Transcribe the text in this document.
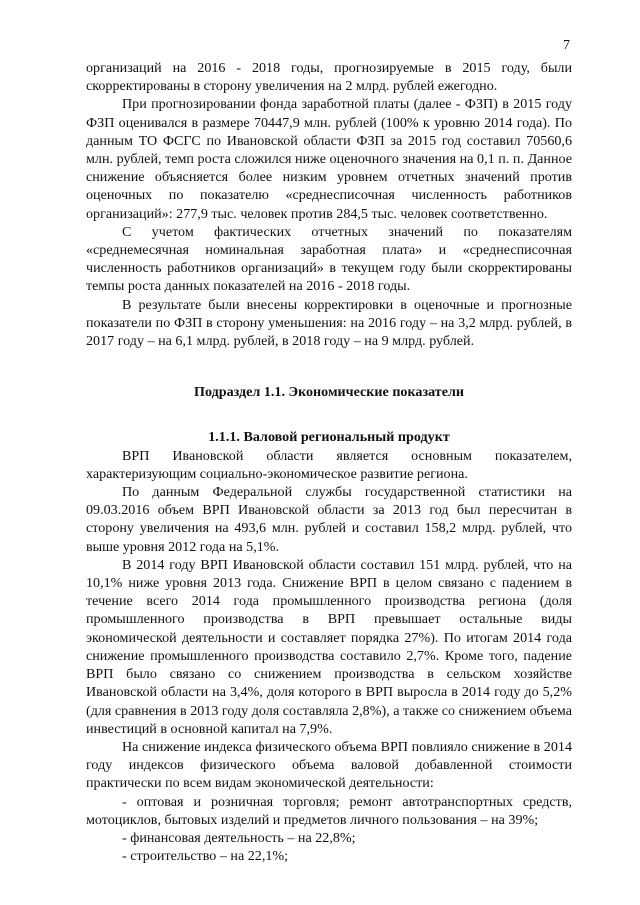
7

организаций на 2016 - 2018 годы, прогнозируемые в 2015 году, были скорректированы в сторону увеличения на 2 млрд. рублей ежегодно.

При прогнозировании фонда заработной платы (далее - ФЗП) в 2015 году ФЗП оценивался в размере 70447,9 млн. рублей (100% к уровню 2014 года). По данным ТО ФСГС по Ивановской области ФЗП за 2015 год составил 70560,6 млн. рублей, темп роста сложился ниже оценочного значения на 0,1 п. п. Данное снижение объясняется более низким уровнем отчетных значений против оценочных по показателю «среднесписочная численность работников организаций»: 277,9 тыс. человек против 284,5 тыс. человек соответственно.

С учетом фактических отчетных значений по показателям «среднемесячная номинальная заработная плата» и «среднесписочная численность работников организаций» в текущем году были скорректированы темпы роста данных показателей на 2016 - 2018 годы.

В результате были внесены корректировки в оценочные и прогнозные показатели по ФЗП в сторону уменьшения: на 2016 году – на 3,2 млрд. рублей, в 2017 году – на 6,1 млрд. рублей, в 2018 году – на 9 млрд. рублей.

Подраздел 1.1. Экономические показатели
1.1.1. Валовой региональный продукт

ВРП Ивановской области является основным показателем, характеризующим социально-экономическое развитие региона.

По данным Федеральной службы государственной статистики на 09.03.2016 объем ВРП Ивановской области за 2013 год был пересчитан в сторону увеличения на 493,6 млн. рублей и составил 158,2 млрд. рублей, что выше уровня 2012 года на 5,1%.

В 2014 году ВРП Ивановской области составил 151 млрд. рублей, что на 10,1% ниже уровня 2013 года. Снижение ВРП в целом связано с падением в течение всего 2014 года промышленного производства региона (доля промышленного производства в ВРП превышает остальные виды экономической деятельности и составляет порядка 27%). По итогам 2014 года снижение промышленного производства составило 2,7%. Кроме того, падение ВРП было связано со снижением производства в сельском хозяйстве Ивановской области на 3,4%, доля которого в ВРП выросла в 2014 году до 5,2% (для сравнения в 2013 году доля составляла 2,8%), а также со снижением объема инвестиций в основной капитал на 7,9%.

На снижение индекса физического объема ВРП повлияло снижение в 2014 году индексов физического объема валовой добавленной стоимости практически по всем видам экономической деятельности:

- оптовая и розничная торговля; ремонт автотранспортных средств, мотоциклов, бытовых изделий и предметов личного пользования – на 39%;

- финансовая деятельность – на 22,8%;

- строительство – на 22,1%;
